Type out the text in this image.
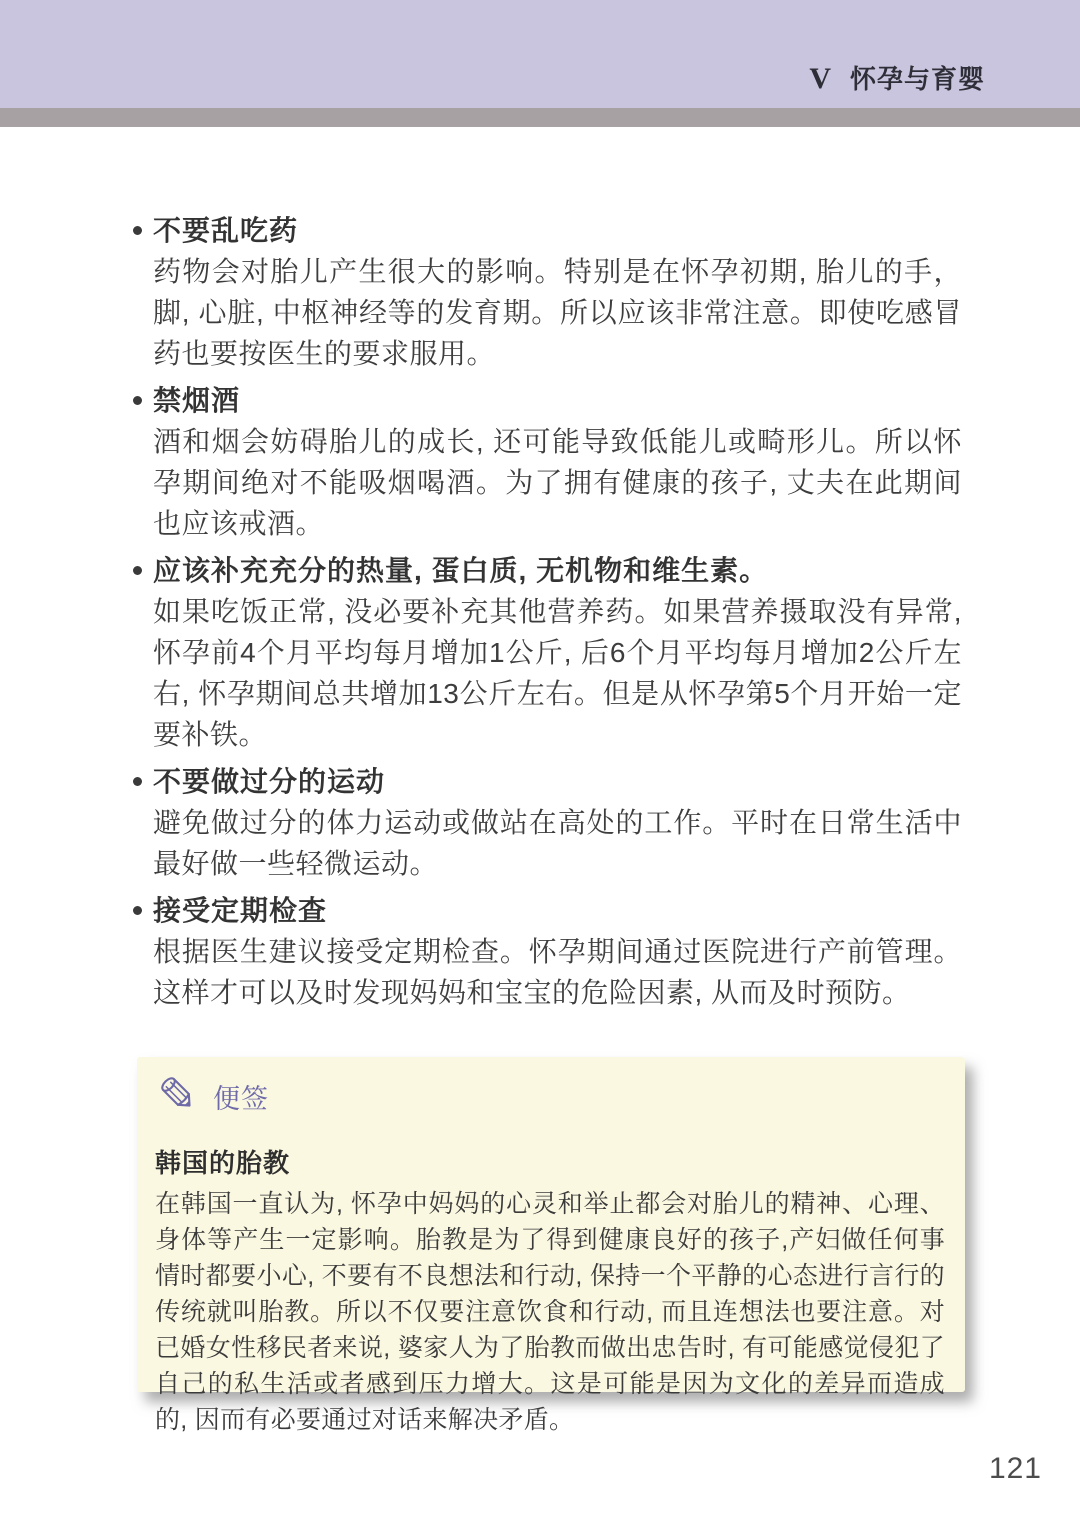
V 怀孕与育婴
不要乱吃药
药物会对胎儿产生很大的影响。特别是在怀孕初期, 胎儿的手， 脚, 心脏, 中枢神经等的发育期。所以应该非常注意。即使吃感冒药也要按医生的要求服用。
禁烟酒
酒和烟会妨碍胎儿的成长, 还可能导致低能儿或畸形儿。所以怀孕期间绝对不能吸烟喝酒。为了拥有健康的孩子, 丈夫在此期间也应该戒酒。
应该补充充分的热量, 蛋白质, 无机物和维生素。
如果吃饭正常, 没必要补充其他营养药。如果营养摄取没有异常,怀孕前4个月平均每月增加1公斤, 后6个月平均每月增加2公斤左右, 怀孕期间总共增加13公斤左右。但是从怀孕第5个月开始一定要补铁。
不要做过分的运动
避免做过分的体力运动或做站在高处的工作。平时在日常生活中最好做一些轻微运动。
接受定期检查
根据医生建议接受定期检查。怀孕期间通过医院进行产前管理。这样才可以及时发现妈妈和宝宝的危险因素, 从而及时预防。
便签
韩国的胎教
在韩国一直认为, 怀孕中妈妈的心灵和举止都会对胎儿的精神、心理、身体等产生一定影响。胎教是为了得到健康良好的孩子,产妇做任何事情时都要小心, 不要有不良想法和行动, 保持一个平静的心态进行言行的传统就叫胎教。所以不仅要注意饮食和行动, 而且连想法也要注意。对已婚女性移民者来说, 婆家人为了胎教而做出忠告时, 有可能感觉侵犯了自己的私生活或者感到压力增大。这是可能是因为文化的差异而造成的, 因而有必要通过对话来解决矛盾。
121
